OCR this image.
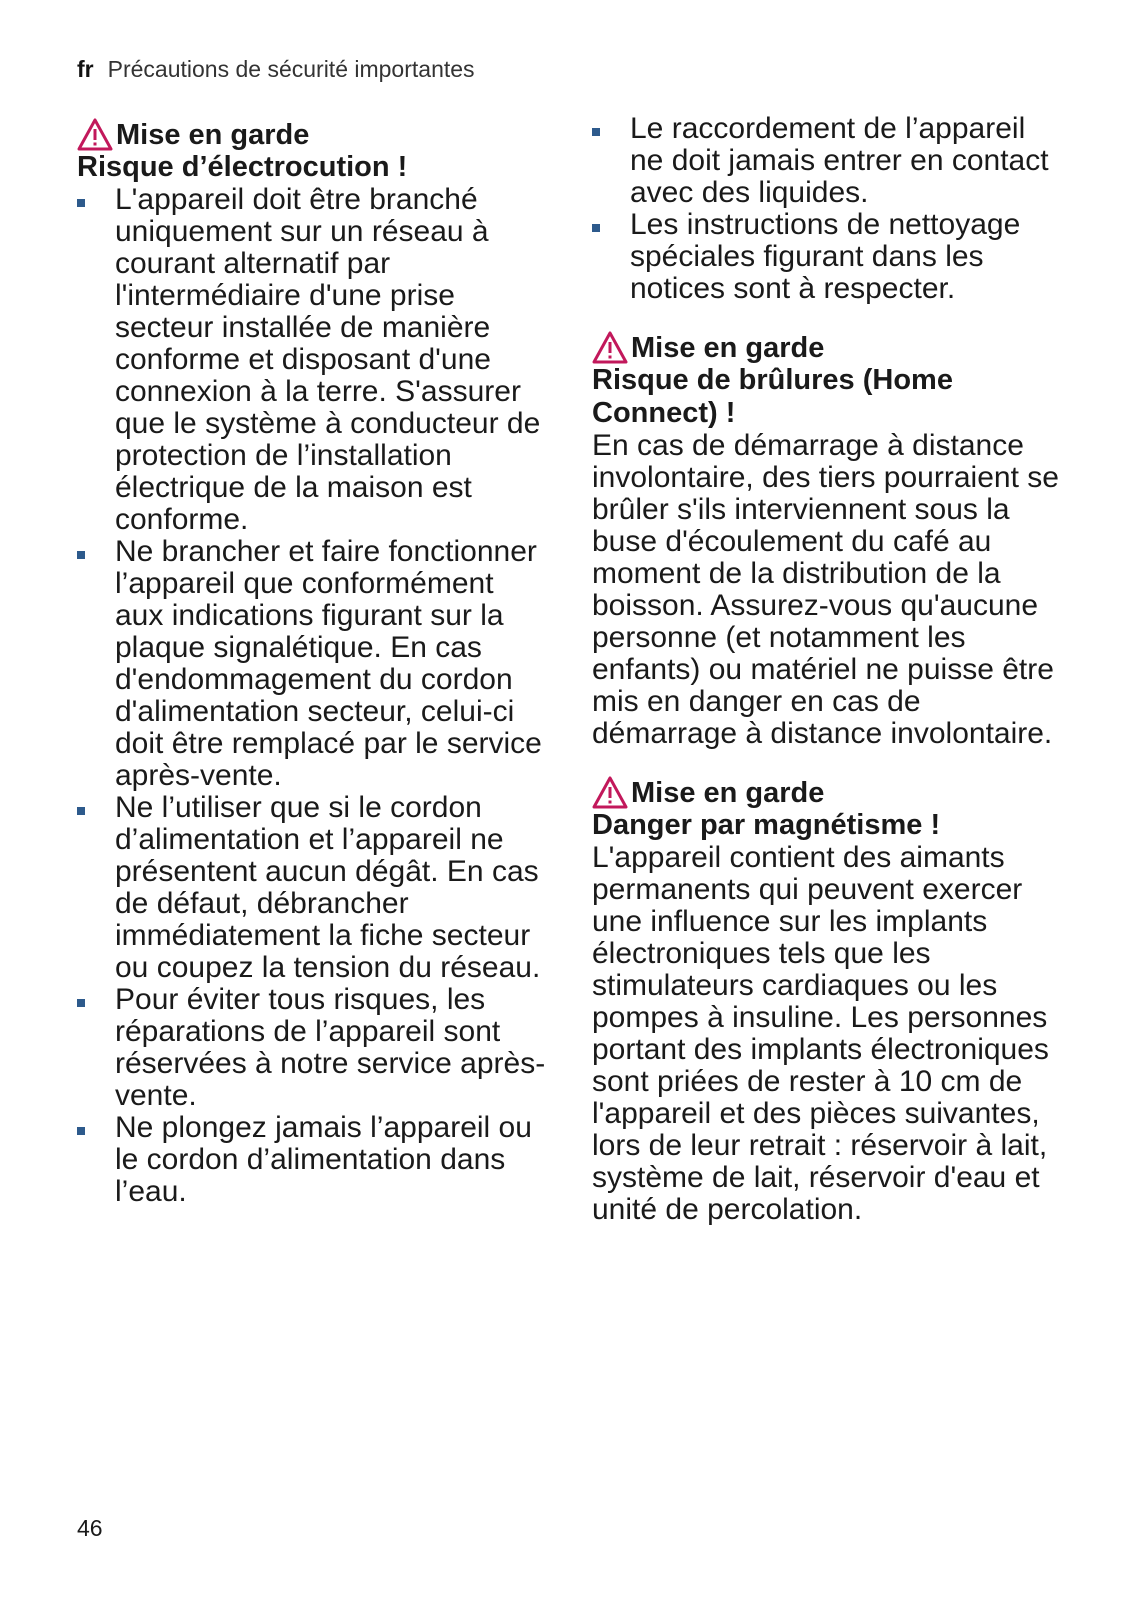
fr Précautions de sécurité importantes
Mise en garde
Risque d’électrocution !
L'appareil doit être branché uniquement sur un réseau à courant alternatif par l'intermédiaire d'une prise secteur installée de manière conforme et disposant d'une connexion à la terre. S'assurer que le système à conducteur de protection de l’installation électrique de la maison est conforme.
Ne brancher et faire fonctionner l’appareil que conformément aux indications figurant sur la plaque signalétique. En cas d'endommagement du cordon d'alimentation secteur, celui-ci doit être remplacé par le service après-vente.
Ne l’utiliser que si le cordon d’alimentation et l’appareil ne présentent aucun dégât. En cas de défaut, débrancher immédiatement la fiche secteur ou coupez la tension du réseau.
Pour éviter tous risques, les réparations de l’appareil sont réservées à notre service après-vente.
Ne plongez jamais l’appareil ou le cordon d’alimentation dans l’eau.
Le raccordement de l’appareil ne doit jamais entrer en contact avec des liquides.
Les instructions de nettoyage spéciales figurant dans les notices sont à respecter.
Mise en garde
Risque de brûlures (Home Connect) !

En cas de démarrage à distance involontaire, des tiers pourraient se brûler s'ils interviennent sous la buse d'écoulement du café au moment de la distribution de la boisson. Assurez-vous qu'aucune personne (et notamment les enfants) ou matériel ne puisse être mis en danger en cas de démarrage à distance involontaire.

Mise en garde
Danger par magnétisme !

L'appareil contient des aimants permanents qui peuvent exercer une influence sur les implants électroniques tels que les stimulateurs cardiaques ou les pompes à insuline. Les personnes portant des implants électroniques sont priées de rester à 10 cm de l'appareil et des pièces suivantes, lors de leur retrait : réservoir à lait, système de lait, réservoir d'eau et unité de percolation.

46
